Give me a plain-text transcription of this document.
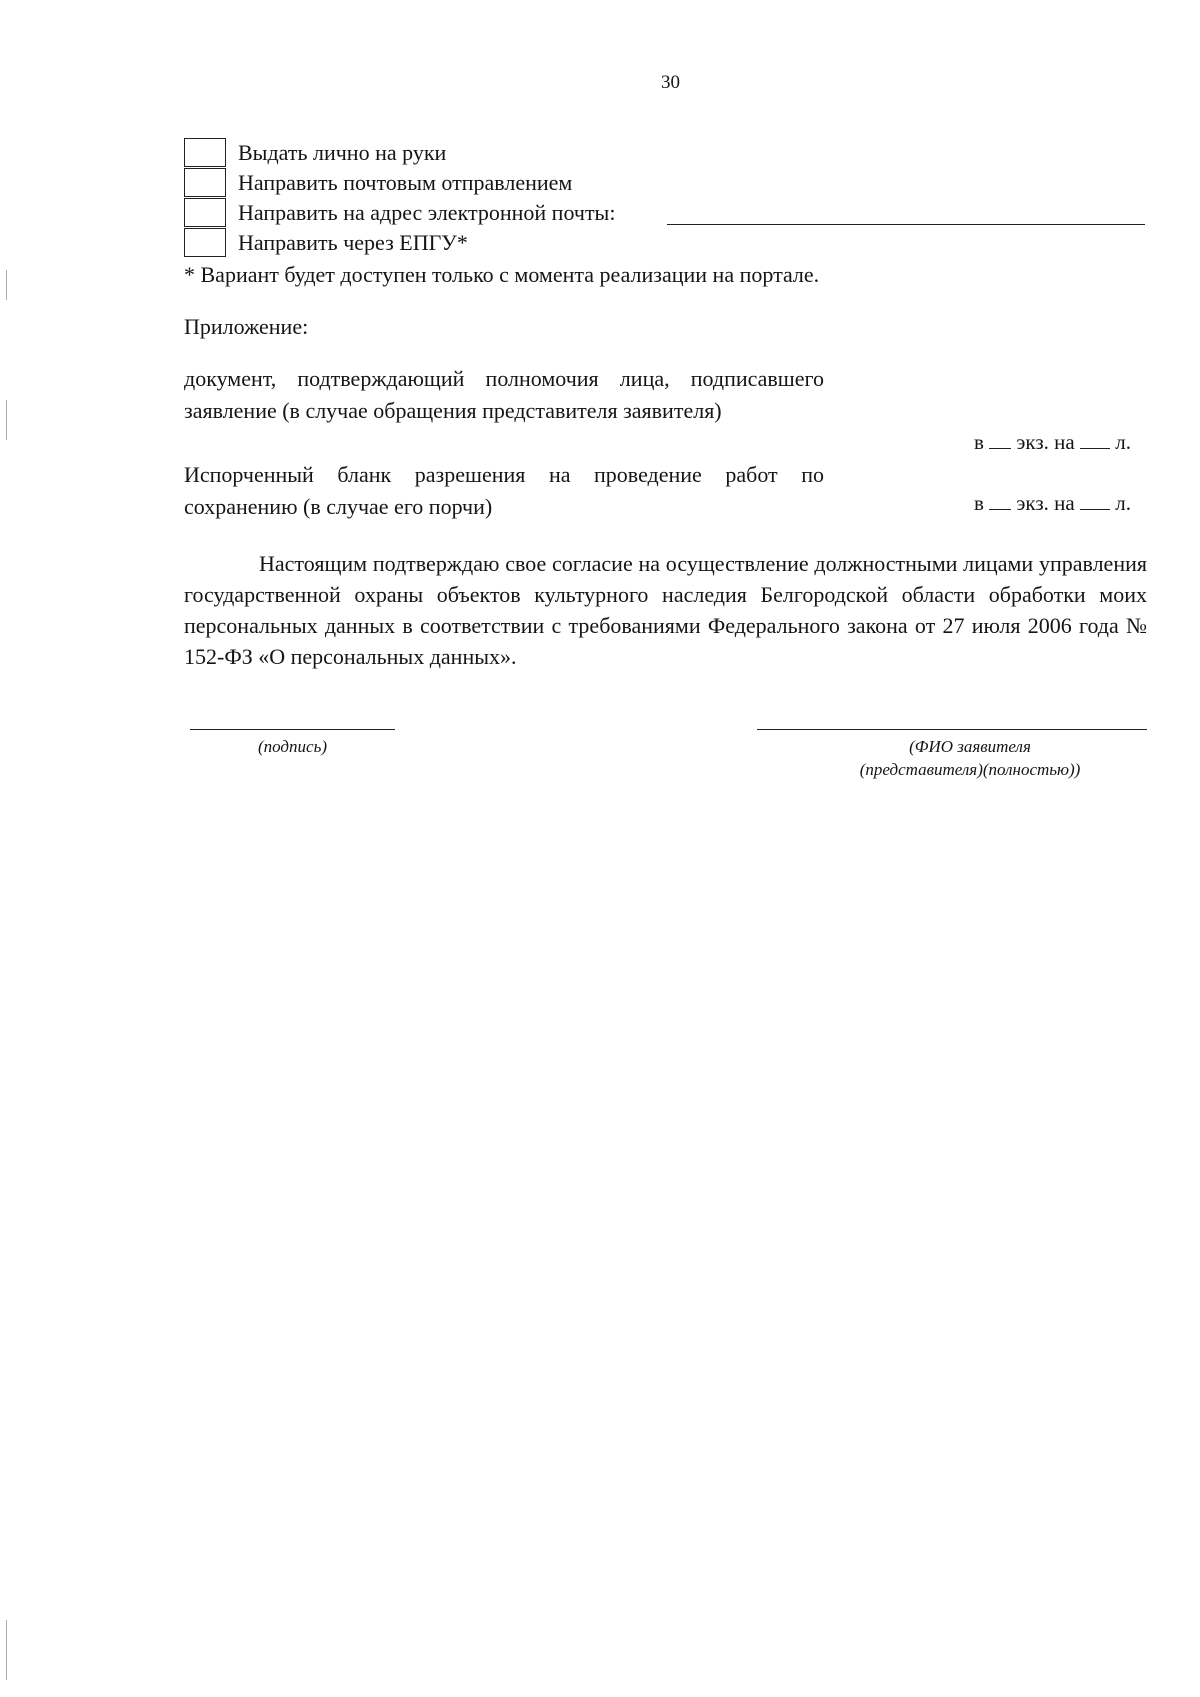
30
Выдать лично на руки
Направить почтовым отправлением
Направить на адрес электронной почты:
Направить через ЕПГУ*
* Вариант будет доступен только с момента реализации на портале.
Приложение:
документ, подтверждающий полномочия лица, подписавшего заявление (в случае обращения представителя заявителя)
в экз. на л.
Испорченный бланк разрешения на проведение работ по сохранению (в случае его порчи)	в экз. на л.
Настоящим подтверждаю свое согласие на осуществление должностными лицами управления государственной охраны объектов культурного наследия Белгородской области обработки моих персональных данных в соответствии с требованиями Федерального закона от 27 июля 2006 года № 152-ФЗ «О персональных данных».
(подпись)	(ФИО заявителя
(представителя)(полностью))
